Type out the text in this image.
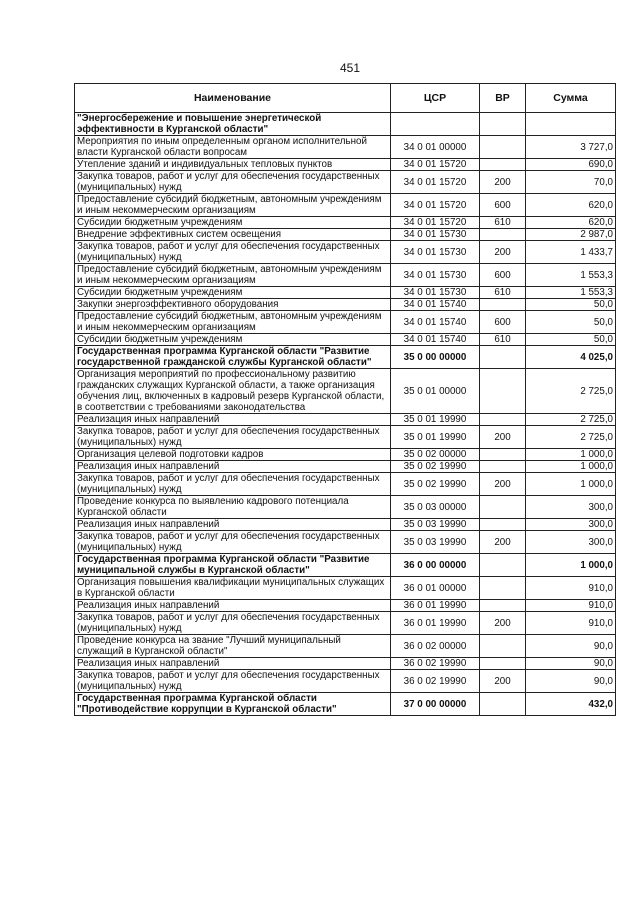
451
Наименование	ЦСР	ВР	Сумма
"Энергосбережение и повышение энергетической эффективности в Курганской области"			
Мероприятия по иным определенным органом исполнительной власти Курганской области вопросам	34 0 01 00000		3 727,0
Утепление зданий и индивидуальных тепловых пунктов	34 0 01 15720		690,0
Закупка товаров, работ и услуг для обеспечения государственных (муниципальных) нужд	34 0 01 15720	200	70,0
Предоставление субсидий бюджетным, автономным учреждениям и иным некоммерческим организациям	34 0 01 15720	600	620,0
Субсидии бюджетным учреждениям	34 0 01 15720	610	620,0
Внедрение эффективных систем освещения	34 0 01 15730		2 987,0
Закупка товаров, работ и услуг для обеспечения государственных (муниципальных) нужд	34 0 01 15730	200	1 433,7
Предоставление субсидий бюджетным, автономным учреждениям и иным некоммерческим организациям	34 0 01 15730	600	1 553,3
Субсидии бюджетным учреждениям	34 0 01 15730	610	1 553,3
Закупки энергоэффективного оборудования	34 0 01 15740		50,0
Предоставление субсидий бюджетным, автономным учреждениям и иным некоммерческим организациям	34 0 01 15740	600	50,0
Субсидии бюджетным учреждениям	34 0 01 15740	610	50,0
Государственная программа Курганской области "Развитие государственной гражданской службы Курганской области"	35 0 00 00000		4 025,0
Организация мероприятий по профессиональному развитию гражданских служащих Курганской области, а также организация обучения лиц, включенных в кадровый резерв Курганской области, в соответствии с требованиями законодательства	35 0 01 00000		2 725,0
Реализация иных направлений	35 0 01 19990		2 725,0
Закупка товаров, работ и услуг для обеспечения государственных (муниципальных) нужд	35 0 01 19990	200	2 725,0
Организация целевой подготовки кадров	35 0 02 00000		1 000,0
Реализация иных направлений	35 0 02 19990		1 000,0
Закупка товаров, работ и услуг для обеспечения государственных (муниципальных) нужд	35 0 02 19990	200	1 000,0
Проведение конкурса по выявлению кадрового потенциала Курганской области	35 0 03 00000		300,0
Реализация иных направлений	35 0 03 19990		300,0
Закупка товаров, работ и услуг для обеспечения государственных (муниципальных) нужд	35 0 03 19990	200	300,0
Государственная программа Курганской области "Развитие муниципальной службы в Курганской области"	36 0 00 00000		1 000,0
Организация повышения квалификации муниципальных служащих в Курганской области	36 0 01 00000		910,0
Реализация иных направлений	36 0 01 19990		910,0
Закупка товаров, работ и услуг для обеспечения государственных (муниципальных) нужд	36 0 01 19990	200	910,0
Проведение конкурса на звание "Лучший муниципальный служащий в Курганской области"	36 0 02 00000		90,0
Реализация иных направлений	36 0 02 19990		90,0
Закупка товаров, работ и услуг для обеспечения государственных (муниципальных) нужд	36 0 02 19990	200	90,0
Государственная программа Курганской области "Противодействие коррупции в Курганской области"	37 0 00 00000		432,0
